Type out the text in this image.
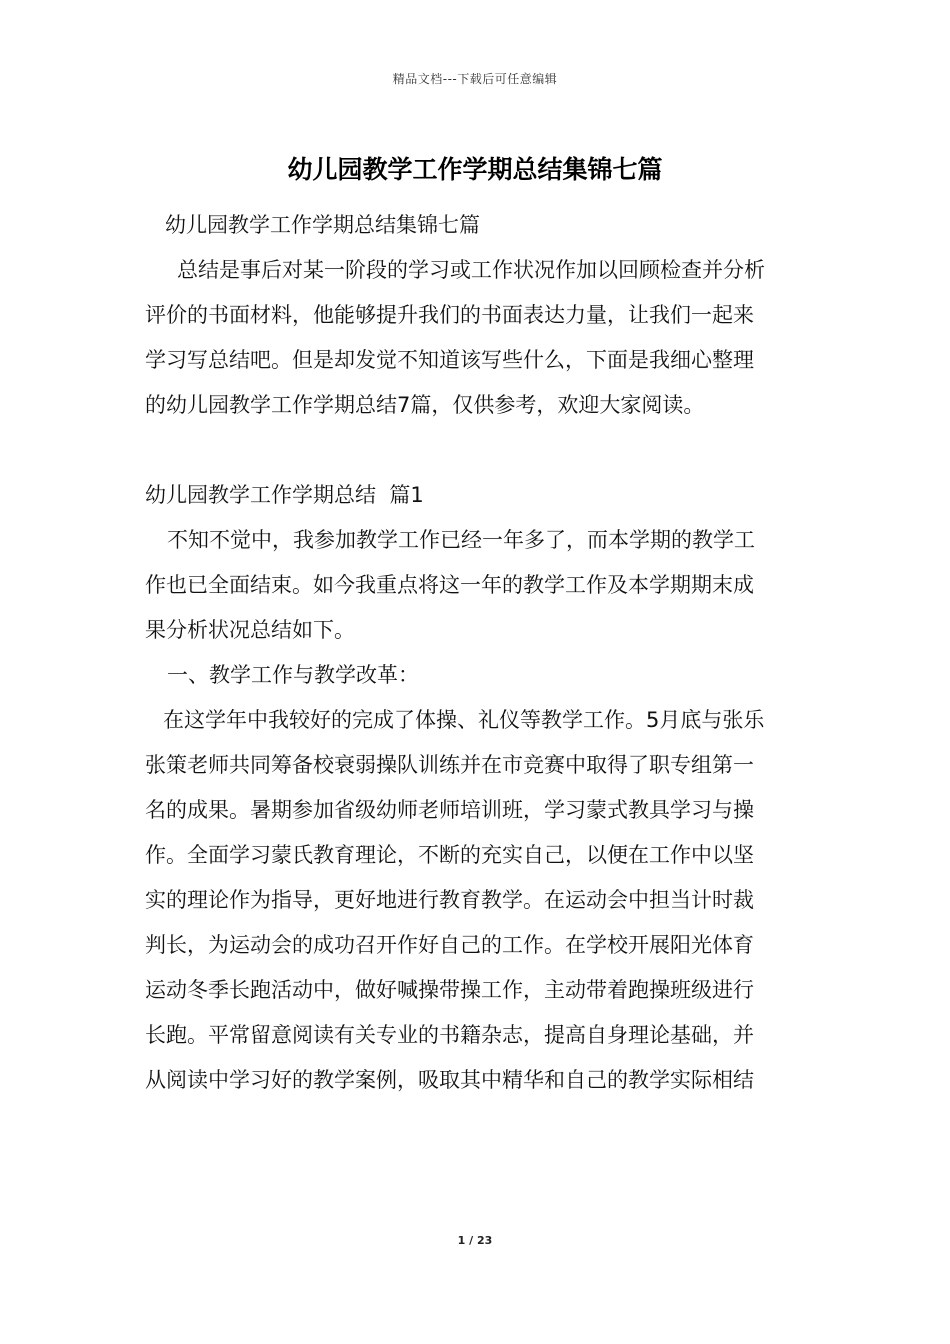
精品文档---下载后可任意编辑
幼儿园教学工作学期总结集锦七篇

幼儿园教学工作学期总结集锦七篇

总结是事后对某一阶段的学习或工作状况作加以回顾检查并分析

评价的书面材料，他能够提升我们的书面表达力量，让我们一起来

学习写总结吧。但是却发觉不知道该写些什么，下面是我细心整理

的幼儿园教学工作学期总结7篇，仅供参考，欢迎大家阅读。

幼儿园教学工作学期总结  篇1

不知不觉中，我参加教学工作已经一年多了，而本学期的教学工

作也已全面结束。如今我重点将这一年的教学工作及本学期期末成

果分析状况总结如下。

一、教学工作与教学改革：

在这学年中我较好的完成了体操、礼仪等教学工作。5月底与张乐

张策老师共同筹备校衰弱操队训练并在市竞赛中取得了职专组第一

名的成果。暑期参加省级幼师老师培训班，学习蒙式教具学习与操

作。全面学习蒙氏教育理论，不断的充实自己，以便在工作中以坚

实的理论作为指导，更好地进行教育教学。在运动会中担当计时裁

判长，为运动会的成功召开作好自己的工作。在学校开展阳光体育

运动冬季长跑活动中，做好喊操带操工作，主动带着跑操班级进行

长跑。平常留意阅读有关专业的书籍杂志，提高自身理论基础，并

从阅读中学习好的教学案例，吸取其中精华和自己的教学实际相结

1 / 23
